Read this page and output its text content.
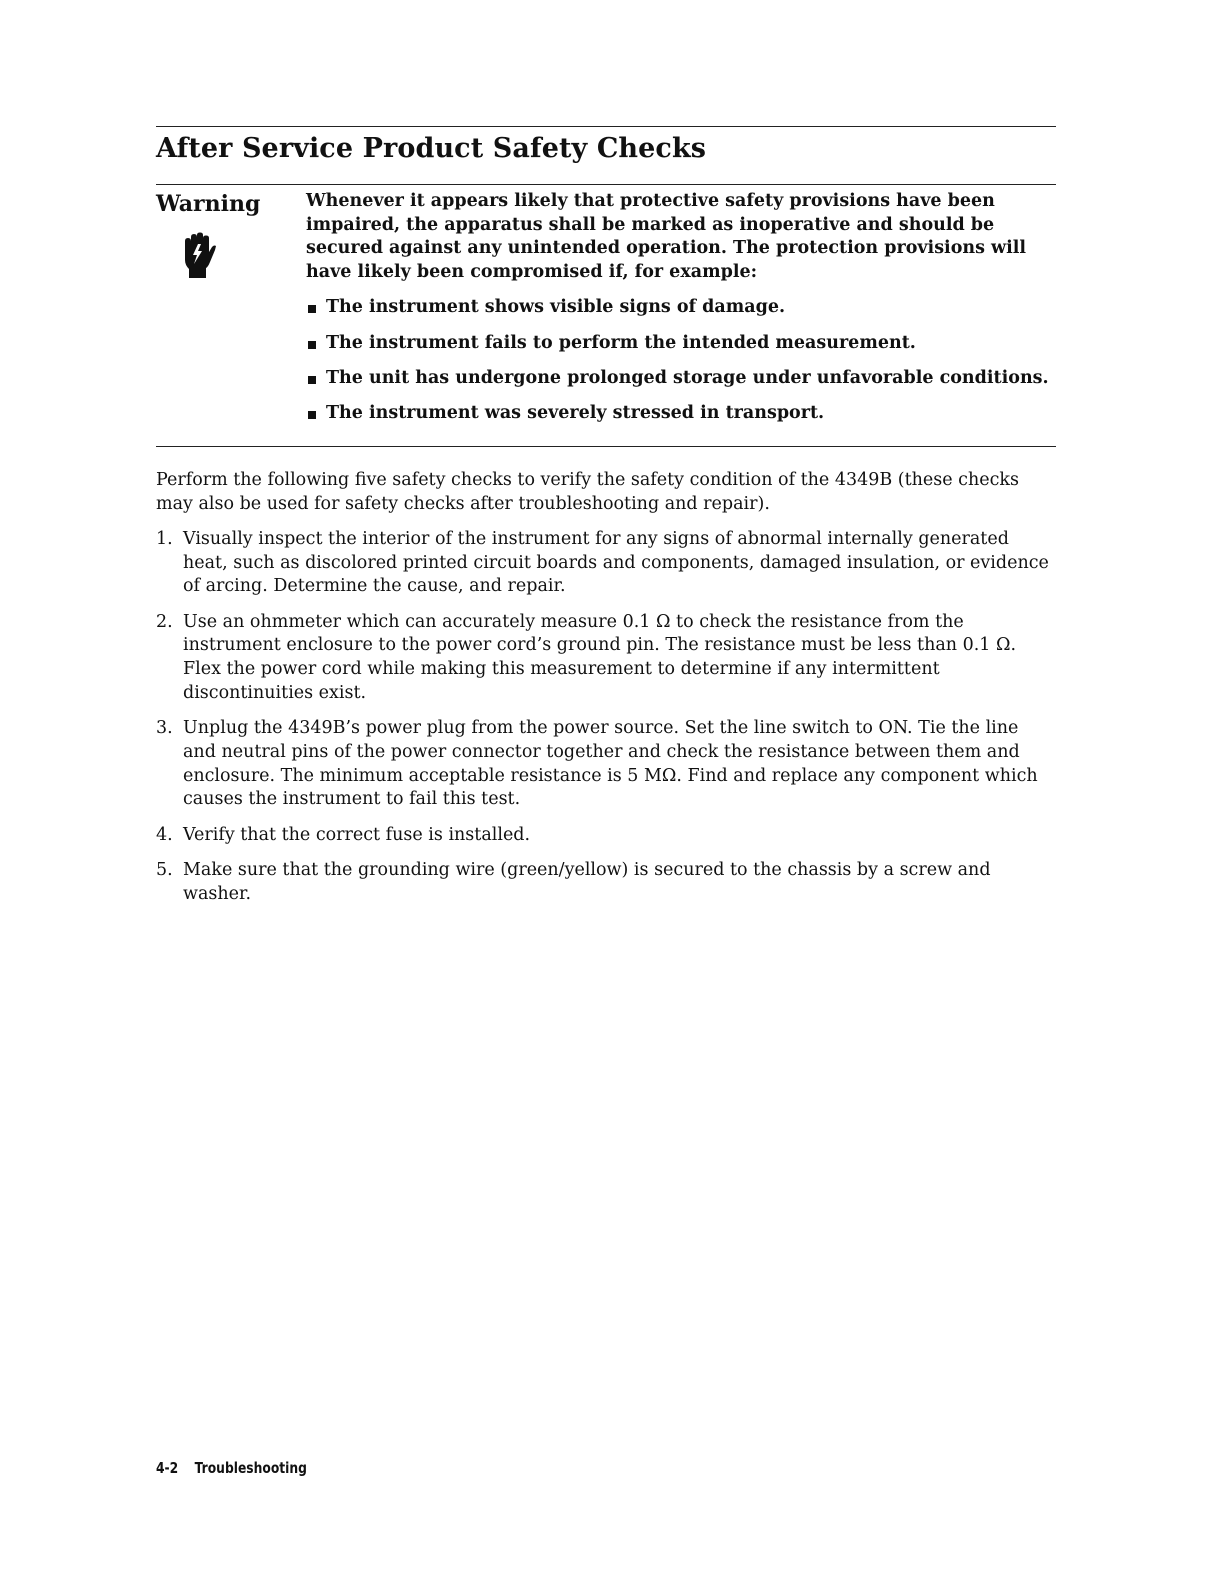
After Service Product Safety Checks
Warning	Whenever it appears likely that protective safety provisions have been impaired, the apparatus shall be marked as inoperative and should be secured against any unintended operation. The protection provisions will have likely been compromised if, for example:

The instrument shows visible signs of damage.
The instrument fails to perform the intended measurement.
The unit has undergone prolonged storage under unfavorable conditions.
The instrument was severely stressed in transport.

Perform the following five safety checks to verify the safety condition of the 4349B (these checks may also be used for safety checks after troubleshooting and repair).

1. Visually inspect the interior of the instrument for any signs of abnormal internally generated heat, such as discolored printed circuit boards and components, damaged insulation, or evidence of arcing. Determine the cause, and repair.
2. Use an ohmmeter which can accurately measure 0.1 Ω to check the resistance from the instrument enclosure to the power cord’s ground pin. The resistance must be less than 0.1 Ω. Flex the power cord while making this measurement to determine if any intermittent discontinuities exist.
3. Unplug the 4349B’s power plug from the power source. Set the line switch to ON. Tie the line and neutral pins of the power connector together and check the resistance between them and enclosure. The minimum acceptable resistance is 5 MΩ. Find and replace any component which causes the instrument to fail this test.
4. Verify that the correct fuse is installed.
5. Make sure that the grounding wire (green/yellow) is secured to the chassis by a screw and washer.
4-2 Troubleshooting
